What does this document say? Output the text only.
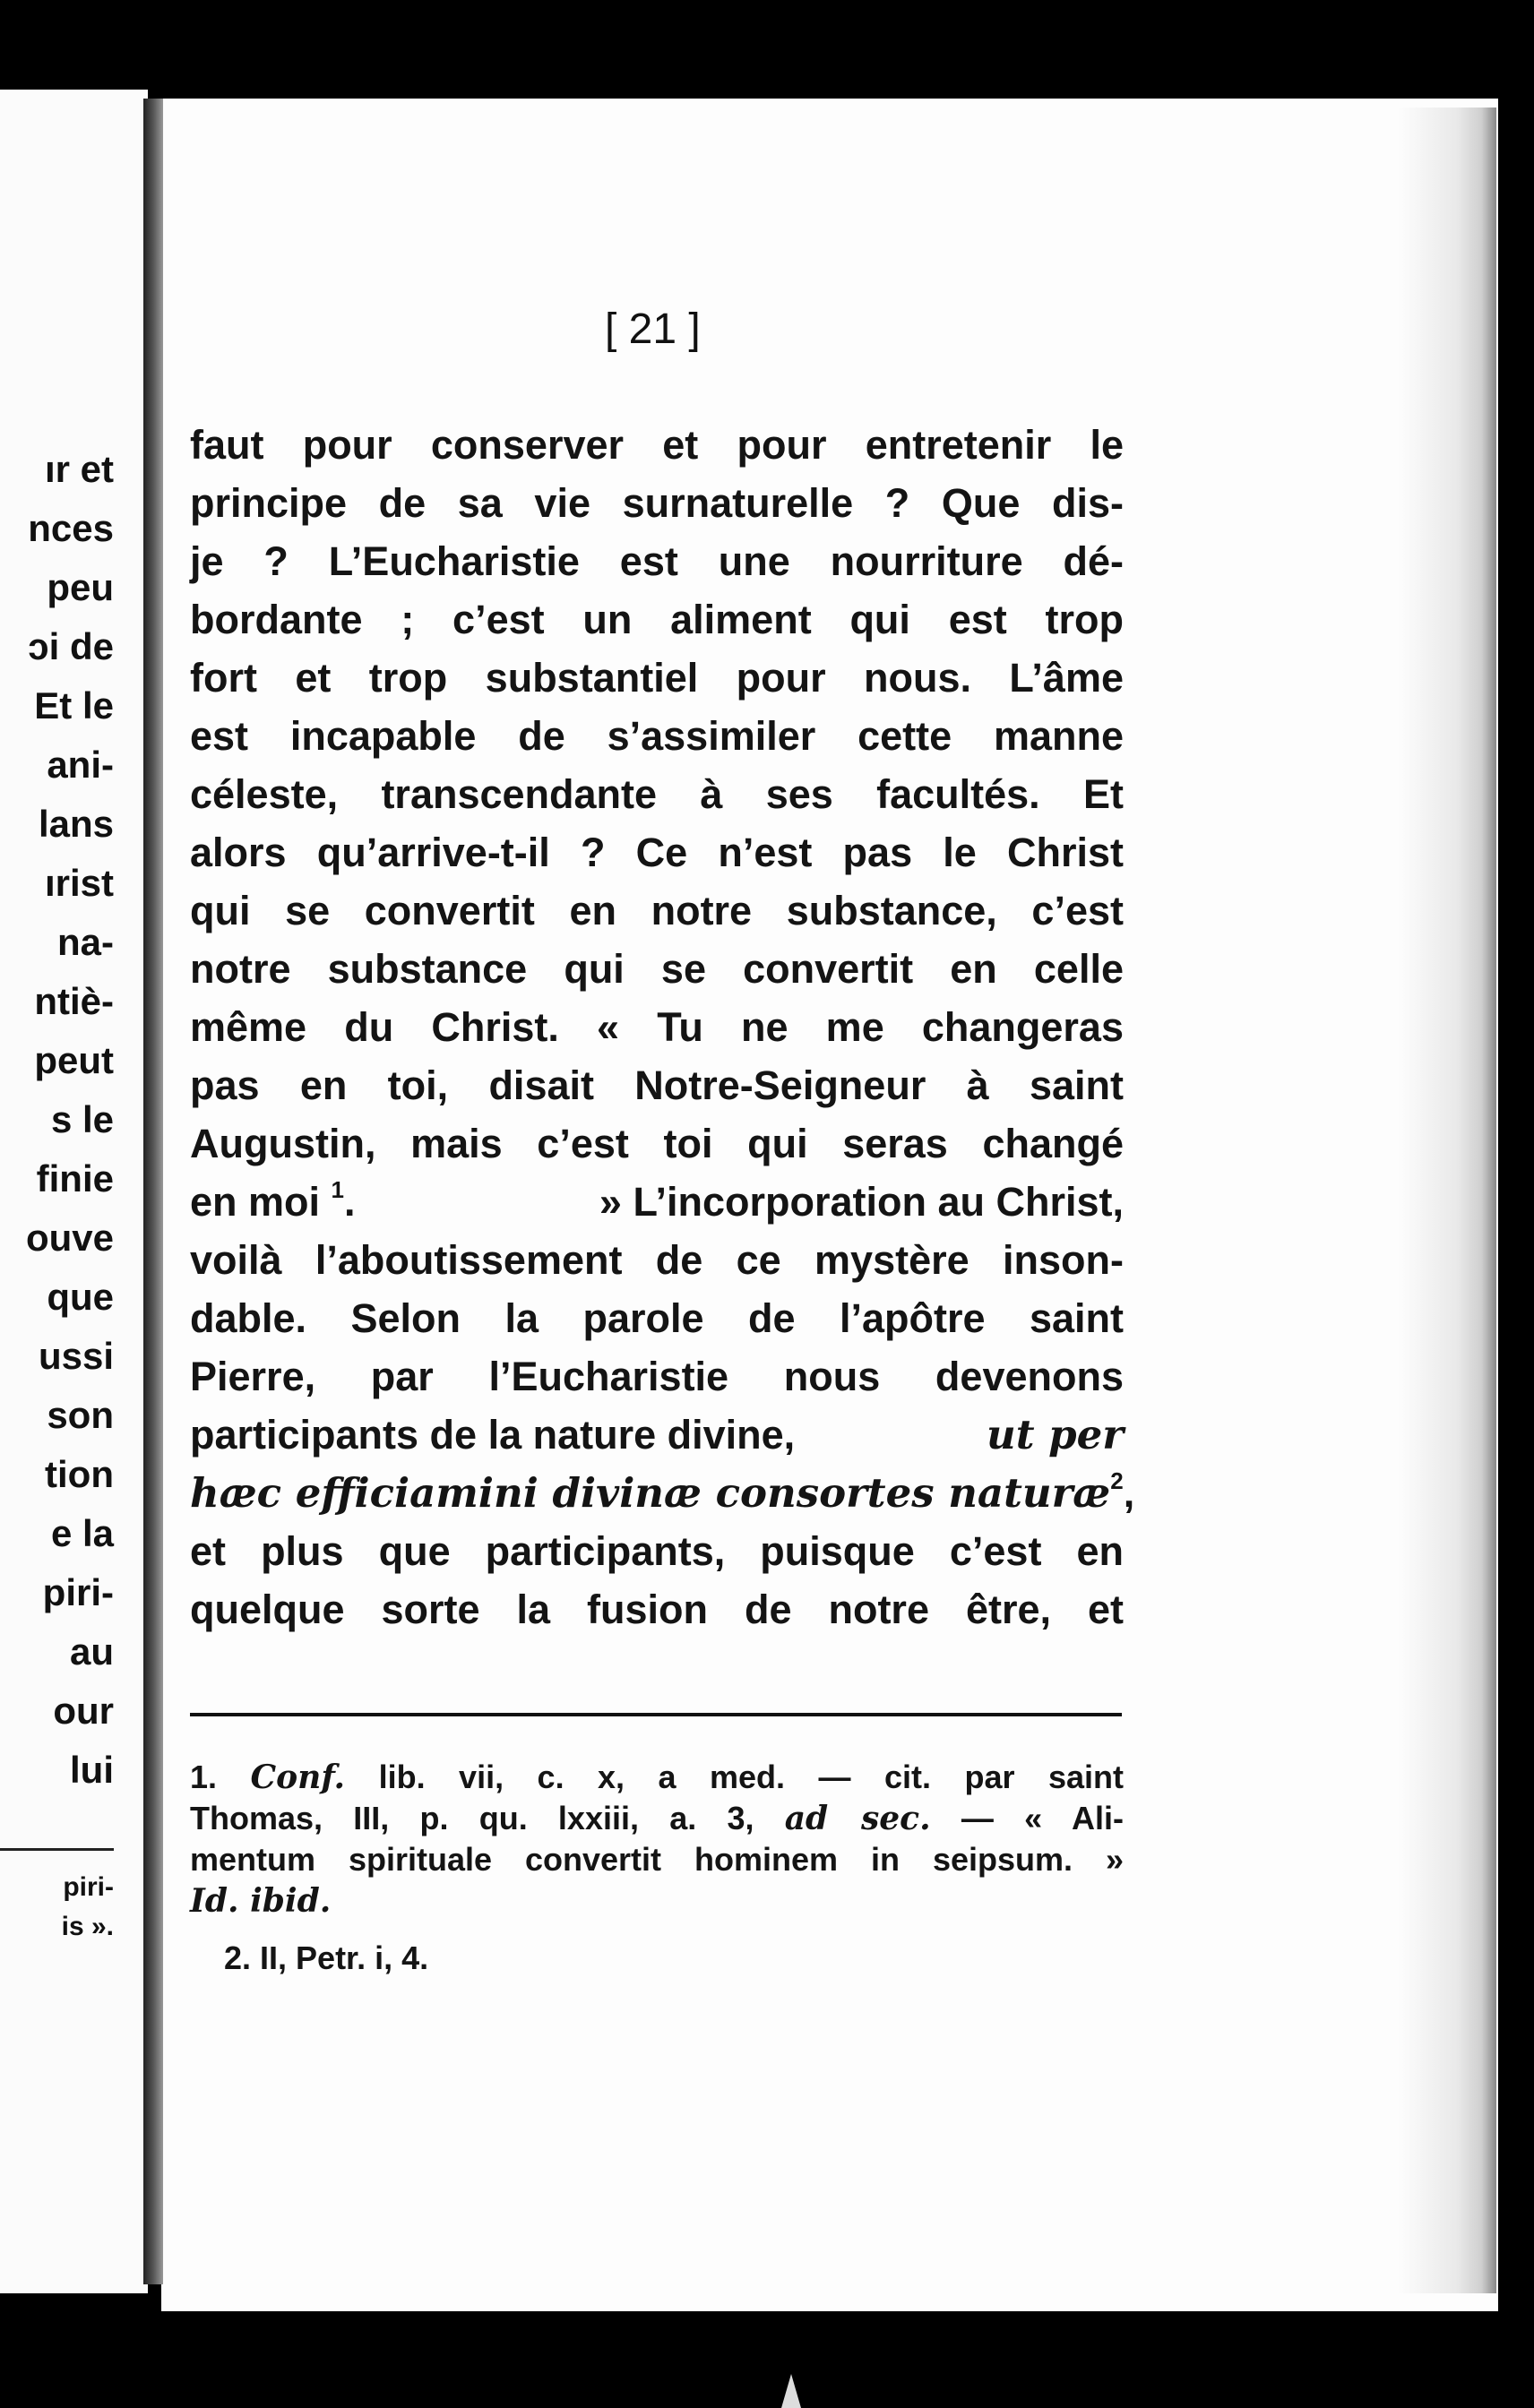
ır et
nces
peu
ɔi de
Et le
ani-
lans
ırist
na-
ntiè-
peut
s le
finie
ouve
que
ussi
son
tion
e la
piri-
au
our
lui
piri-
is ».
[ 21 ]
faut pour conserver et pour entretenir le
principe de sa vie surnaturelle ? Que dis-
je ? L’Eucharistie est une nourriture dé-
bordante ; c’est un aliment qui est trop
fort et trop substantiel pour nous. L’âme
est incapable de s’assimiler cette manne
céleste, transcendante à ses facultés. Et
alors qu’arrive-t-il ? Ce n’est pas le Christ
qui se convertit en notre substance, c’est
notre substance qui se convertit en celle
même du Christ. « Tu ne me changeras
pas en toi, disait Notre-Seigneur à saint
Augustin, mais c’est toi qui seras changé
en moi $^1$.	» L’incorporation au Christ,
voilà l’aboutissement de ce mystère inson-
dable. Selon la parole de l’apôtre saint
Pierre, par l’Eucharistie nous devenons
participants de la nature divine,	ut per
hæc efficiamini divinæ consortes naturæ$^2$,
et plus que participants, puisque c’est en
quelque sorte la fusion de notre être, et
1. Conf. lib. vii, c. x, a med. — cit. par saint
Thomas, III, p. qu. lxxiii, a. 3, ad sec. — « Ali-
mentum spirituale convertit hominem in seipsum. »
Id. ibid.
2. II, Petr. i, 4.
